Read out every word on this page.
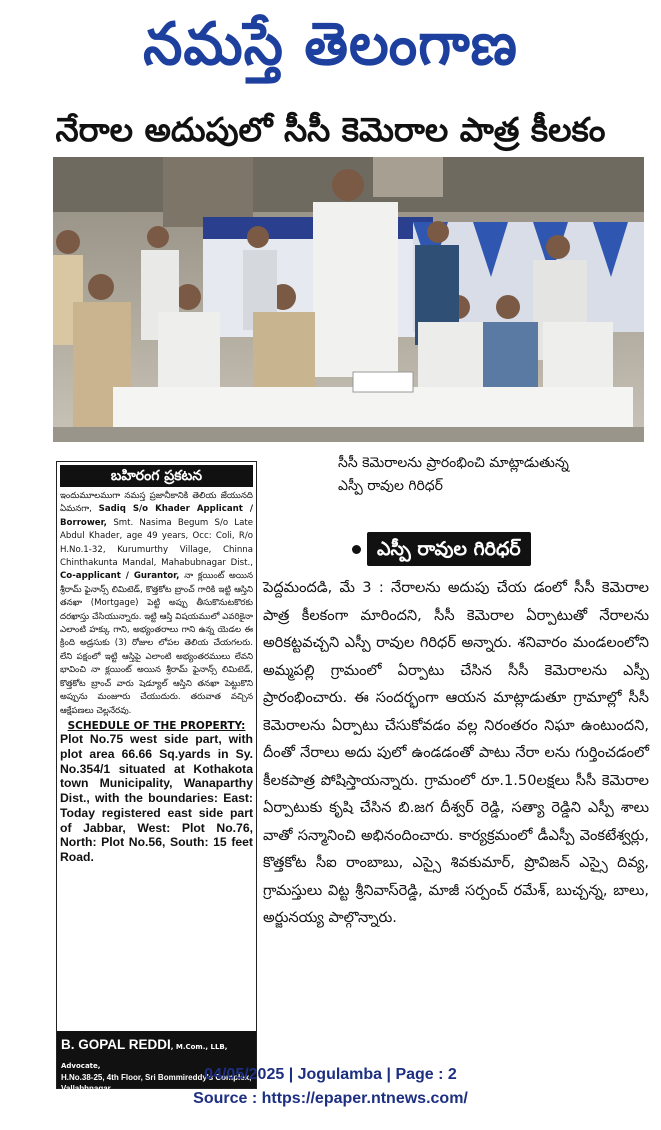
నమస్తే తెలంగాణ
నేరాల అదుపులో సీసీ కెమెరాల పాత్ర కీలకం
సీసీ కెమెరాలను ప్రారంభించి మాట్లాడుతున్న
ఎస్పీ రావుల గిరిధర్
బహిరంగ ప్రకటన
ఇందుమూలముగా నమస్త ప్రజానీకానికి తెలియ జేయునది ఏమనగా, Sadiq S/o Khader Applicant / Borrower, Smt. Nasima Begum S/o Late Abdul Khader, age 49 years, Occ: Coli, R/o H.No.1-32, Kurumurthy Village, Chinna Chinthakunta Mandal, Mahabubnagar Dist., Co-applicant / Gurantor, నా క్లయింట్ అయిన శ్రీరామ్ ఫైనాన్స్ లిమిటెడ్, కొత్తకోట బ్రాంచ్ గారికి ఇట్టి ఆస్తిని తనఖా (Mortgage) పెట్టి అప్పు తీసుకొనుటకొరకు దరఖాస్తు చేసియున్నారు. ఇట్టి ఆస్తి విషయములో ఎవరికైనా ఎలాంటి హక్కు గాని, అభ్యంతరాలు గాని ఉన్న యెడల ఈ క్రింది అడ్రసుకు (3) రోజుల లోపల తెలియ చేయగలరు. లేని పక్షంలో ఇట్టి ఆస్తిపై ఎలాంటి అభ్యంతరములు లేవని భావించి నా క్లయింట్ అయిన శ్రీరామ్ ఫైనాన్స్ లిమిటెడ్, కొత్తకోట బ్రాంచ్ వారు షెడ్యూల్ ఆస్తిని తనఖా పెట్టుకొని అప్పును మంజూరు చేయుదురు. తరువాత వచ్చిన ఆక్షేపణలు చెల్లనేరవు.
SCHEDULE OF THE PROPERTY:
Plot No.75 west side part, with plot area 66.66 Sq.yards in Sy. No.354/1 situated at Kothakota town Municipality, Wanaparthy Dist., with the boundaries: East: Today registered east side part of Jabbar, West: Plot No.76, North: Plot No.56, South: 15 feet Road.
B. GOPAL REDDI, M.Com., LLB, Advocate,
H.No.38-25, 4th Floor, Sri Bommireddy's Complex, Vallabhnagar,
Wanaparthy Town & Dist. Cell:9490007106
ఎస్పీ రావుల గిరిధర్
పెద్దమందడి, మే 3 : నేరాలను అదుపు చేయ డంలో సీసీ కెమెరాల పాత్ర కీలకంగా మారిందని, సీసీ కెమెరాల ఏర్పాటుతో నేరాలను అరికట్టవచ్చని ఎస్పీ రావుల గిరిధర్ అన్నారు. శనివారం మండలంలోని అమ్మపల్లి గ్రామంలో ఏర్పాటు చేసిన సీసీ కెమెరాలను ఎస్పీ ప్రారంభించారు. ఈ సందర్భంగా ఆయన మాట్లాడుతూ గ్రామాల్లో సీసీ కెమెరాలను ఏర్పాటు చేసుకోవడం వల్ల నిరంతరం నిఘా ఉంటుందని, దీంతో నేరాలు అదు పులో ఉండడంతో పాటు నేరా లను గుర్తించడంలో కీలకపాత్ర పోషిస్తాయన్నారు. గ్రామంలో రూ.1.50లక్షలు సీసీ కెమెరాల ఏర్పాటుకు కృషి చేసిన బి.జగ దీశ్వర్ రెడ్డి, సత్యా రెడ్డిని ఎస్పీ శాలు వాతో సన్మానించి అభినందించారు. కార్యక్రమంలో డీఎస్పీ వెంకటేశ్వర్లు, కొత్తకోట సీఐ రాంబాబు, ఎస్సై శివకుమార్, ప్రొవిజన్ ఎస్సై దివ్య, గ్రామస్తులు విట్ట శ్రీనివాస్‌రెడ్డి, మాజీ సర్పంచ్ రమేశ్, బుచ్చన్న, బాలు, అర్జునయ్య పాల్గొన్నారు.
04/05/2025 | Jogulamba | Page : 2
Source : https://epaper.ntnews.com/
